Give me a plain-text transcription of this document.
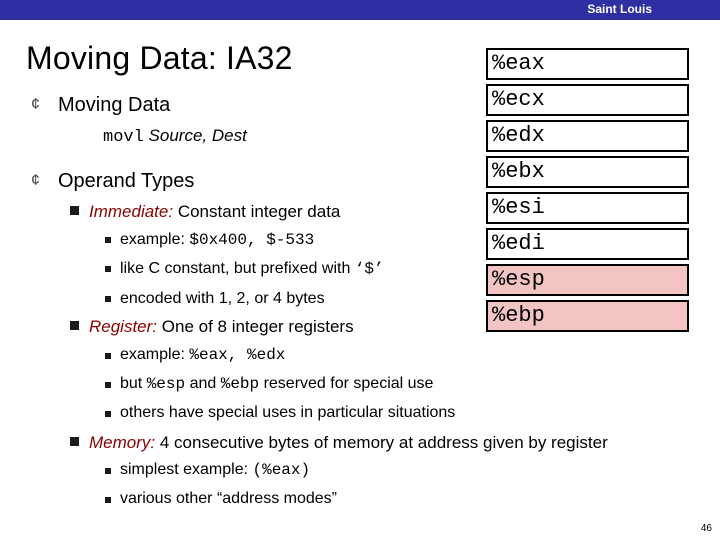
Saint Louis
Moving Data: IA32
¢ Moving Data
movl Source, Dest
¢ Operand Types
Immediate: Constant integer data
example: $0x400, $-533
like C constant, but prefixed with ‘$’
encoded with 1, 2, or 4 bytes
Register: One of 8 integer registers
example: %eax, %edx
but %esp and %ebp reserved for special use
others have special uses in particular situations
Memory: 4 consecutive bytes of memory at address given by register
simplest example: (%eax)
various other “address modes”
%eax
%ecx
%edx
%ebx
%esi
%edi
%esp
%ebp
46
